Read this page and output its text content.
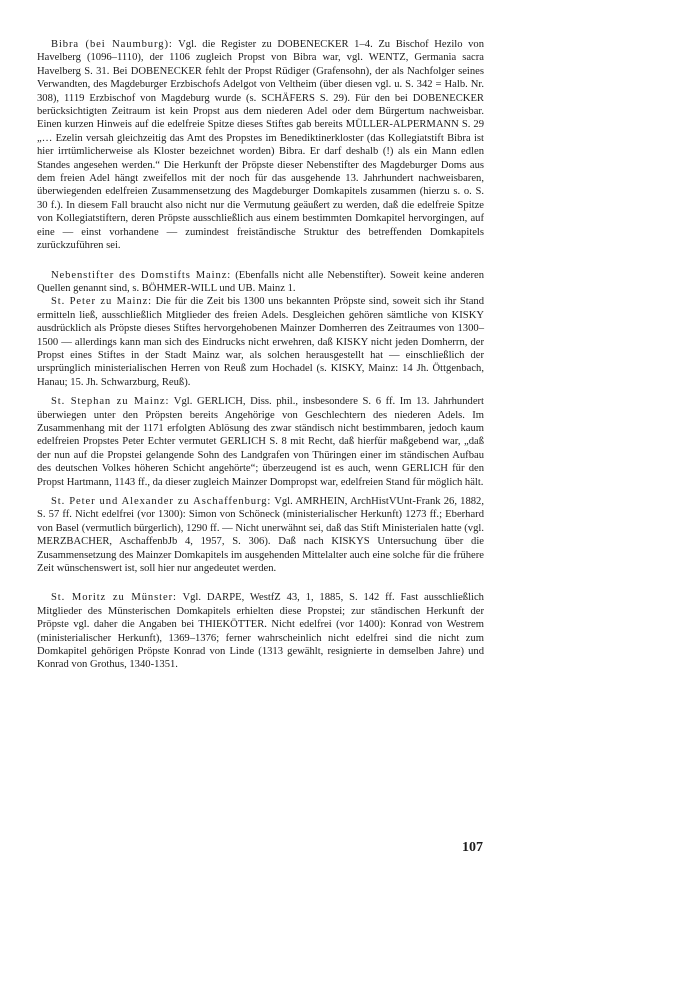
Bibra (bei Naumburg): Vgl. die Register zu DOBENECKER 1–4. Zu Bischof Hezilo von Havelberg (1096–1110), der 1106 zugleich Propst von Bibra war, vgl. WENTZ, Germania sacra Havelberg S. 31. Bei DOBENECKER fehlt der Propst Rüdiger (Grafensohn), der als Nachfolger seines Verwandten, des Magdeburger Erzbischofs Adelgot von Veltheim (über diesen vgl. u. S. 342 = Halb. Nr. 308), 1119 Erzbischof von Magdeburg wurde (s. SCHÄFERS S. 29). Für den bei DOBENECKER berücksichtigten Zeitraum ist kein Propst aus dem niederen Adel oder dem Bürgertum nachweisbar. Einen kurzen Hinweis auf die edelfreie Spitze dieses Stiftes gab bereits MÜLLER-ALPERMANN S. 29 „… Ezelin versah gleichzeitig das Amt des Propstes im Benediktinerkloster (das Kollegiatstift Bibra ist hier irrtümlicherweise als Kloster bezeichnet worden) Bibra. Er darf deshalb (!) als ein Mann edlen Standes angesehen werden.“ Die Herkunft der Pröpste dieser Nebenstifter des Magdeburger Doms aus dem freien Adel hängt zweifellos mit der noch für das ausgehende 13. Jahrhundert nachweisbaren, überwiegenden edelfreien Zusammensetzung des Magdeburger Domkapitels zusammen (hierzu s. o. S. 30 f.). In diesem Fall braucht also nicht nur die Vermutung geäußert zu werden, daß die edelfreie Spitze von Kollegiatstiftern, deren Pröpste ausschließlich aus einem bestimmten Domkapitel hervorgingen, auf eine — einst vorhandene — zumindest freiständische Struktur des betreffenden Domkapitels zurückzuführen sei.

Nebenstifter des Domstifts Mainz: (Ebenfalls nicht alle Nebenstifter). Soweit keine anderen Quellen genannt sind, s. BÖHMER-WILL und UB. Mainz 1.

St. Peter zu Mainz: Die für die Zeit bis 1300 uns bekannten Pröpste sind, soweit sich ihr Stand ermitteln ließ, ausschließlich Mitglieder des freien Adels. Desgleichen gehören sämtliche von KISKY ausdrücklich als Pröpste dieses Stiftes hervorgehobenen Mainzer Domherren des Zeitraumes von 1300–1500 — allerdings kann man sich des Eindrucks nicht erwehren, daß KISKY nicht jeden Domherrn, der Propst eines Stiftes in der Stadt Mainz war, als solchen herausgestellt hat — einschließlich der ursprünglich ministerialischen Herren von Reuß zum Hochadel (s. KISKY, Mainz: 14 Jh. Öttgenbach, Hanau; 15. Jh. Schwarzburg, Reuß).

St. Stephan zu Mainz: Vgl. GERLICH, Diss. phil., insbesondere S. 6 ff. Im 13. Jahrhundert überwiegen unter den Pröpsten bereits Angehörige von Geschlechtern des niederen Adels. Im Zusammenhang mit der 1171 erfolgten Ablösung des zwar ständisch nicht bestimmbaren, jedoch kaum edelfreien Propstes Peter Echter vermutet GERLICH S. 8 mit Recht, daß hierfür maßgebend war, „daß der nun auf die Propstei gelangende Sohn des Landgrafen von Thüringen einer im ständischen Aufbau des deutschen Volkes höheren Schicht angehörte“; überzeugend ist es auch, wenn GERLICH für den Propst Hartmann, 1143 ff., da dieser zugleich Mainzer Dompropst war, edelfreien Stand für möglich hält.

St. Peter und Alexander zu Aschaffenburg: Vgl. AMRHEIN, ArchHistVUnt-Frank 26, 1882, S. 57 ff. Nicht edelfrei (vor 1300): Simon von Schöneck (ministerialischer Herkunft) 1273 ff.; Eberhard von Basel (vermutlich bürgerlich), 1290 ff. — Nicht unerwähnt sei, daß das Stift Ministerialen hatte (vgl. MERZBACHER, AschaffenbJb 4, 1957, S. 306). Daß nach KISKYS Untersuchung über die Zusammensetzung des Mainzer Domkapitels im ausgehenden Mittelalter auch eine solche für die frühere Zeit wünschenswert ist, soll hier nur angedeutet werden.

St. Moritz zu Münster: Vgl. DARPE, WestfZ 43, 1, 1885, S. 142 ff. Fast ausschließlich Mitglieder des Münsterischen Domkapitels erhielten diese Propstei; zur ständischen Herkunft der Pröpste vgl. daher die Angaben bei THIEKÖTTER. Nicht edelfrei (vor 1400): Konrad von Westrem (ministerialischer Herkunft), 1369–1376; ferner wahrscheinlich nicht edelfrei sind die nicht zum Domkapitel gehörigen Pröpste Konrad von Linde (1313 gewählt, resignierte in demselben Jahre) und Konrad von Grothus, 1340-1351.

107
